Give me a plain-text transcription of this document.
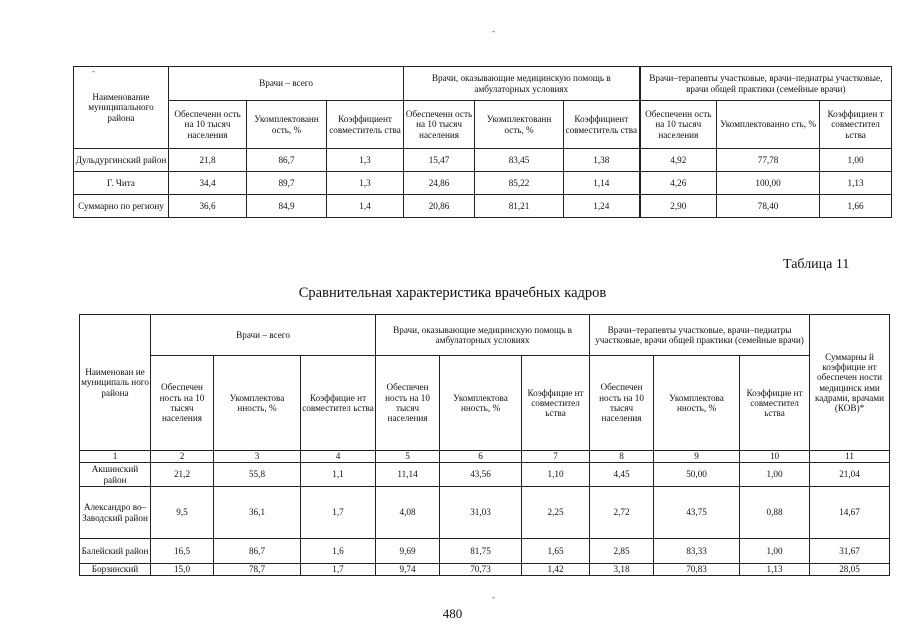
-
-
Наименование муниципального района	Врачи – всего			Врачи, оказывающие медицинскую помощь в амбулаторных условиях			Врачи–терапевты участковые, врачи–педиатры участковые, врачи общей практики (семейные врачи)		
	Обеспеченн ость на 10 тысяч населения	Укомплектованн ость, %	Коэффициент совместитель ства	Обеспеченн ость на 10 тысяч населения	Укомплектованн ость, %	Коэффициент совместитель ства	Обеспеченн ость на 10 тысяч населения	Укомплектованно сть, %	Коэффициен т совместител ьства
Дульдургинский район	21,8	86,7	1,3	15,47	83,45	1,38	4,92	77,78	1,00
Г. Чита	34,4	89,7	1,3	24,86	85,22	1,14	4,26	100,00	1,13
Суммарно по региону	36,6	84,9	1,4	20,86	81,21	1,24	2,90	78,40	1,66
Таблица 11
Сравнительная характеристика врачебных кадров
Наименован ие муниципаль ного района	Врачи – всего			Врачи, оказывающие медицинскую помощь в амбулаторных условиях			Врачи–терапевты участковые, врачи–педиатры участковые, врачи общей практики (семейные врачи)			Суммарны й коэффицие нт обеспечен ности медицинск ими кадрами, врачами (КОВ)*
	Обеспечен ность на 10 тысяч населения	Укомплектова нность, %	Коэффицие нт совместител ьства	Обеспечен ность на 10 тысяч населения	Укомплектова нность, %	Коэффицие нт совместител ьства	Обеспечен ность на 10 тысяч населения	Укомплектова нность, %	Коэффицие нт совместител ьства	
1	2	3	4	5	6	7	8	9	10	11
Акшинский район	21,2	55,8	1,1	11,14	43,56	1,10	4,45	50,00	1,00	21,04
Александро во– Заводский район	9,5	36,1	1,7	4,08	31,03	2,25	2,72	43,75	0,88	14,67
Балейский район	16,5	86,7	1,6	9,69	81,75	1,65	2,85	83,33	1,00	31,67
Борзинский	15,0	78,7	1,7	9,74	70,73	1,42	3,18	70,83	1,13	28,05
-
480
